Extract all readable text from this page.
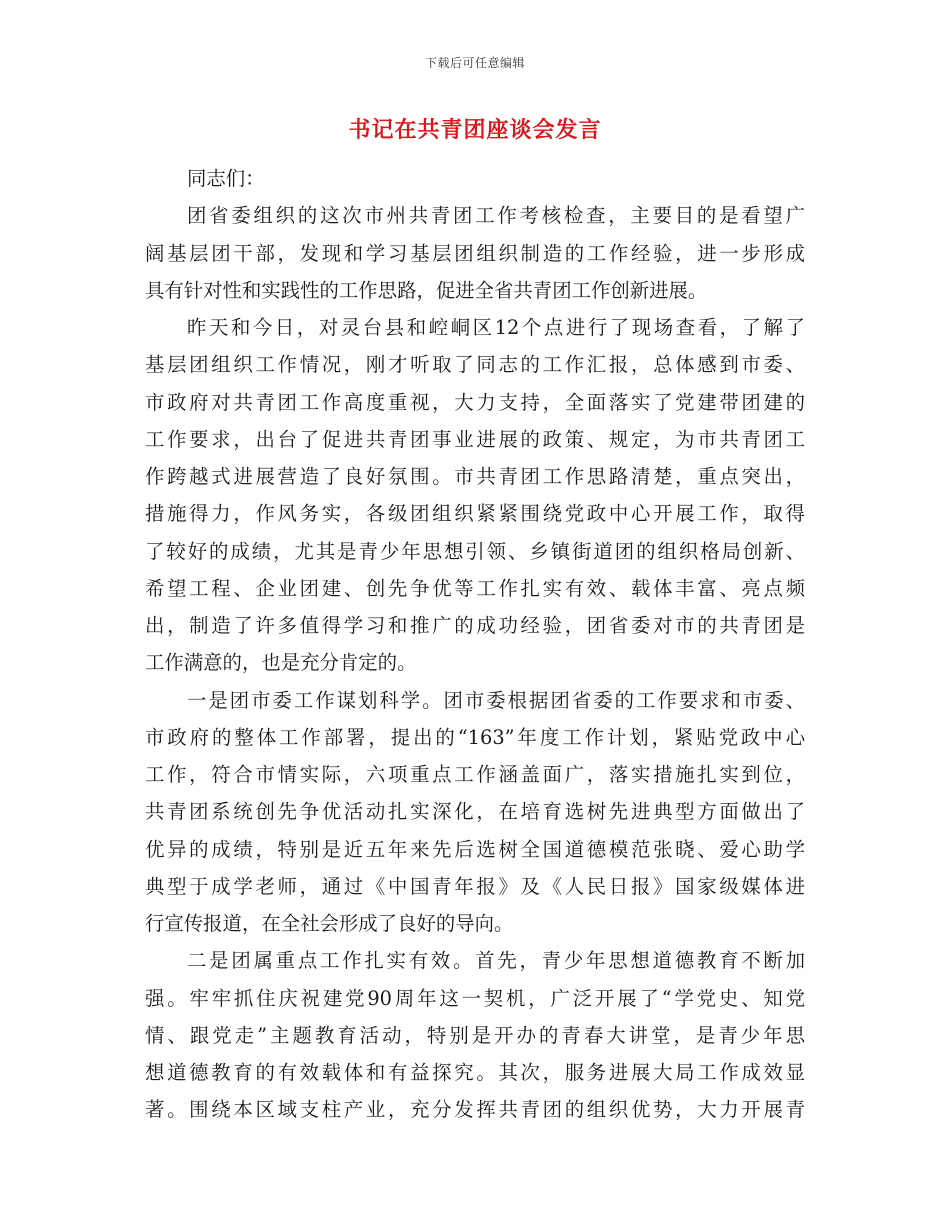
下载后可任意编辑
书记在共青团座谈会发言
同志们：
团省委组织的这次市州共青团工作考核检查，主要目的是看望广
阔基层团干部，发现和学习基层团组织制造的工作经验，进一步形成
具有针对性和实践性的工作思路，促进全省共青团工作创新进展。
昨天和今日，对灵台县和崆峒区12个点进行了现场查看，了解了
基层团组织工作情况，刚才听取了同志的工作汇报，总体感到市委、
市政府对共青团工作高度重视，大力支持，全面落实了党建带团建的
工作要求，出台了促进共青团事业进展的政策、规定，为市共青团工
作跨越式进展营造了良好氛围。市共青团工作思路清楚，重点突出，
措施得力，作风务实，各级团组织紧紧围绕党政中心开展工作，取得
了较好的成绩，尤其是青少年思想引领、乡镇街道团的组织格局创新、
希望工程、企业团建、创先争优等工作扎实有效、载体丰富、亮点频
出，制造了许多值得学习和推广的成功经验，团省委对市的共青团是
工作满意的，也是充分肯定的。
一是团市委工作谋划科学。团市委根据团省委的工作要求和市委、
市政府的整体工作部署，提出的“163”年度工作计划，紧贴党政中心
工作，符合市情实际，六项重点工作涵盖面广，落实措施扎实到位，
共青团系统创先争优活动扎实深化，在培育选树先进典型方面做出了
优异的成绩，特别是近五年来先后选树全国道德模范张晓、爱心助学
典型于成学老师，通过《中国青年报》及《人民日报》国家级媒体进
行宣传报道，在全社会形成了良好的导向。
二是团属重点工作扎实有效。首先，青少年思想道德教育不断加
强。牢牢抓住庆祝建党90周年这一契机，广泛开展了“学党史、知党
情、跟党走”主题教育活动，特别是开办的青春大讲堂，是青少年思
想道德教育的有效载体和有益探究。其次，服务进展大局工作成效显
著。围绕本区域支柱产业，充分发挥共青团的组织优势，大力开展青
